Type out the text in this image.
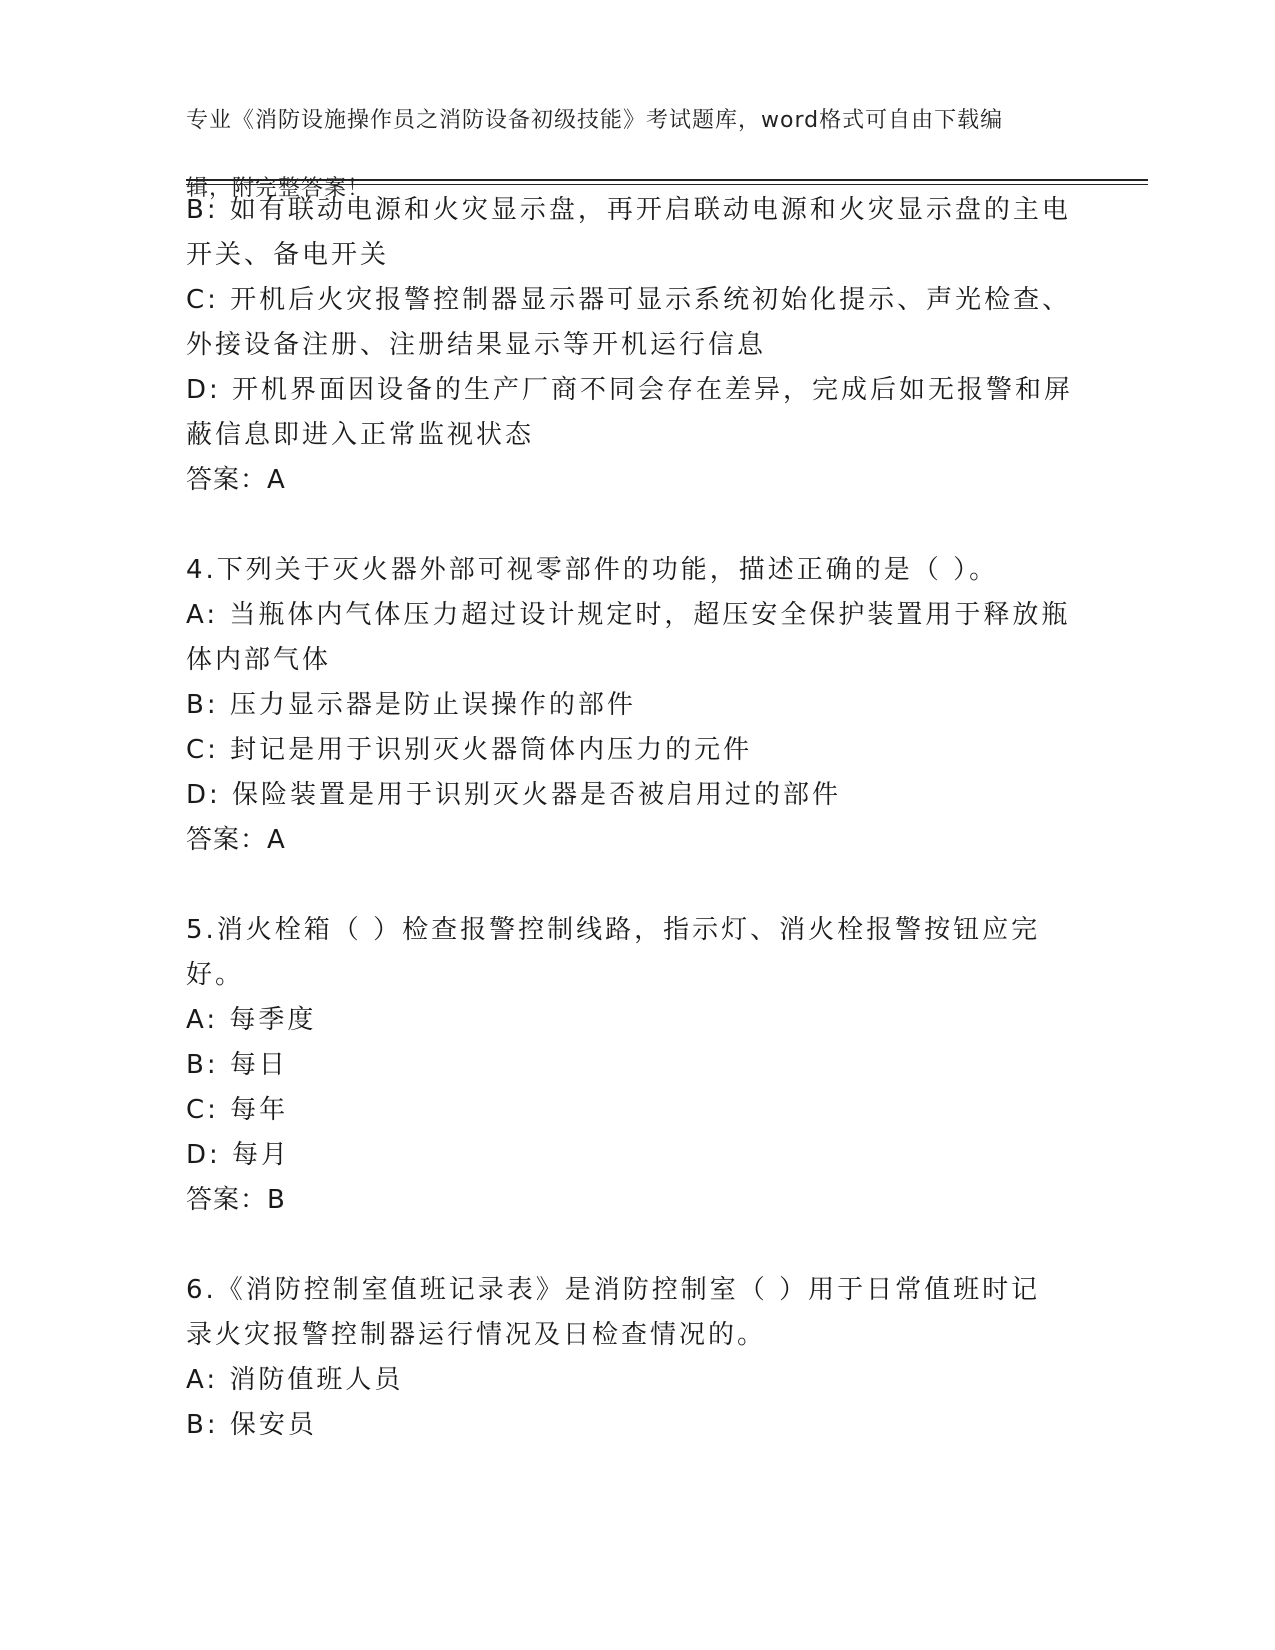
专业《消防设施操作员之消防设备初级技能》考试题库，word格式可自由下载编

辑，附完整答案！

B: 如有联动电源和火灾显示盘，再开启联动电源和火灾显示盘的主电
开关、备电开关
C: 开机后火灾报警控制器显示器可显示系统初始化提示、声光检查、
外接设备注册、注册结果显示等开机运行信息
D: 开机界面因设备的生产厂商不同会存在差异，完成后如无报警和屏
蔽信息即进入正常监视状态
答案：A
4.下列关于灭火器外部可视零部件的功能，描述正确的是（ ）。
A: 当瓶体内气体压力超过设计规定时，超压安全保护装置用于释放瓶
体内部气体
B: 压力显示器是防止误操作的部件
C: 封记是用于识别灭火器筒体内压力的元件
D: 保险装置是用于识别灭火器是否被启用过的部件
答案：A
5.消火栓箱（ ）检查报警控制线路，指示灯、消火栓报警按钮应完
好。
A: 每季度
B: 每日
C: 每年
D: 每月
答案：B
6.《消防控制室值班记录表》是消防控制室（ ）用于日常值班时记
录火灾报警控制器运行情况及日检查情况的。
A: 消防值班人员
B: 保安员
